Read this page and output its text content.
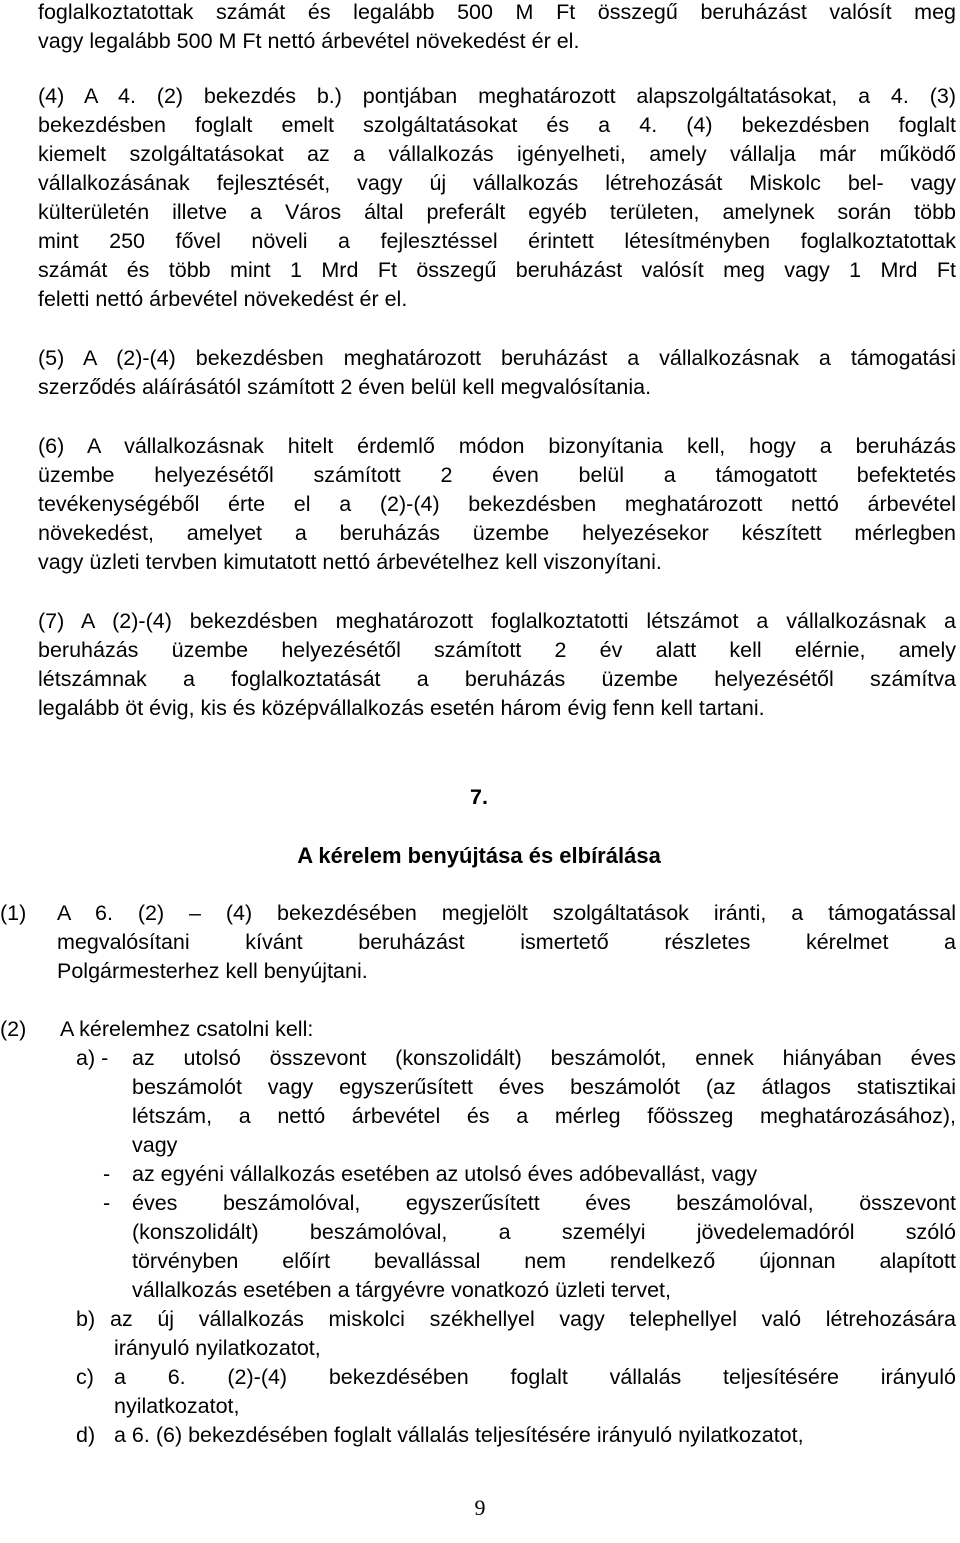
foglalkoztatottak számát és legalább 500 M Ft összegű beruházást valósít meg
vagy legalább 500 M Ft nettó árbevétel növekedést ér el.
(4) A 4. (2) bekezdés b.) pontjában meghatározott alapszolgáltatásokat, a 4. (3)
bekezdésben foglalt emelt szolgáltatásokat és a 4. (4) bekezdésben foglalt
kiemelt szolgáltatásokat az a vállalkozás igényelheti, amely vállalja már működő
vállalkozásának fejlesztését, vagy új vállalkozás létrehozását Miskolc bel- vagy
külterületén illetve a Város által preferált egyéb területen, amelynek során több
mint 250 fővel növeli a fejlesztéssel érintett létesítményben foglalkoztatottak
számát és több mint 1 Mrd Ft összegű beruházást valósít meg vagy 1 Mrd Ft
feletti nettó árbevétel növekedést ér el.
(5) A (2)-(4) bekezdésben meghatározott beruházást a vállalkozásnak a támogatási
szerződés aláírásától számított 2 éven belül kell megvalósítania.
(6) A vállalkozásnak hitelt érdemlő módon bizonyítania kell, hogy a beruházás
üzembe helyezésétől számított 2 éven belül a támogatott befektetés
tevékenységéből érte el a (2)-(4) bekezdésben meghatározott nettó árbevétel
növekedést, amelyet a beruházás üzembe helyezésekor készített mérlegben
vagy üzleti tervben kimutatott nettó árbevételhez kell viszonyítani.
(7) A (2)-(4) bekezdésben meghatározott foglalkoztatotti létszámot a vállalkozásnak a
beruházás üzembe helyezésétől számított 2 év alatt kell elérnie, amely
létszámnak a foglalkoztatását a beruházás üzembe helyezésétől számítva
legalább öt évig, kis és középvállalkozás esetén három évig fenn kell tartani.
7.
A kérelem benyújtása és elbírálása
(1) A 6. (2) – (4) bekezdésében megjelölt szolgáltatások iránti, a támogatással
megvalósítani kívánt beruházást ismertető részletes kérelmet a
Polgármesterhez kell benyújtani.
(2) A kérelemhez csatolni kell:
a) - az utolsó összevont (konszolidált) beszámolót, ennek hiányában éves
beszámolót vagy egyszerűsített éves beszámolót (az átlagos statisztikai
létszám, a nettó árbevétel és a mérleg főösszeg meghatározásához),
vagy
- az egyéni vállalkozás esetében az utolsó éves adóbevallást, vagy
- éves beszámolóval, egyszerűsített éves beszámolóval, összevont
(konszolidált) beszámolóval, a személyi jövedelemadóról szóló
törvényben előírt bevallással nem rendelkező újonnan alapított
vállalkozás esetében a tárgyévre vonatkozó üzleti tervet,
b) az új vállalkozás miskolci székhellyel vagy telephellyel való létrehozására
irányuló nyilatkozatot,
c) a 6. (2)-(4) bekezdésében foglalt vállalás teljesítésére irányuló
nyilatkozatot,
d) a 6. (6) bekezdésében foglalt vállalás teljesítésére irányuló nyilatkozatot,
9
